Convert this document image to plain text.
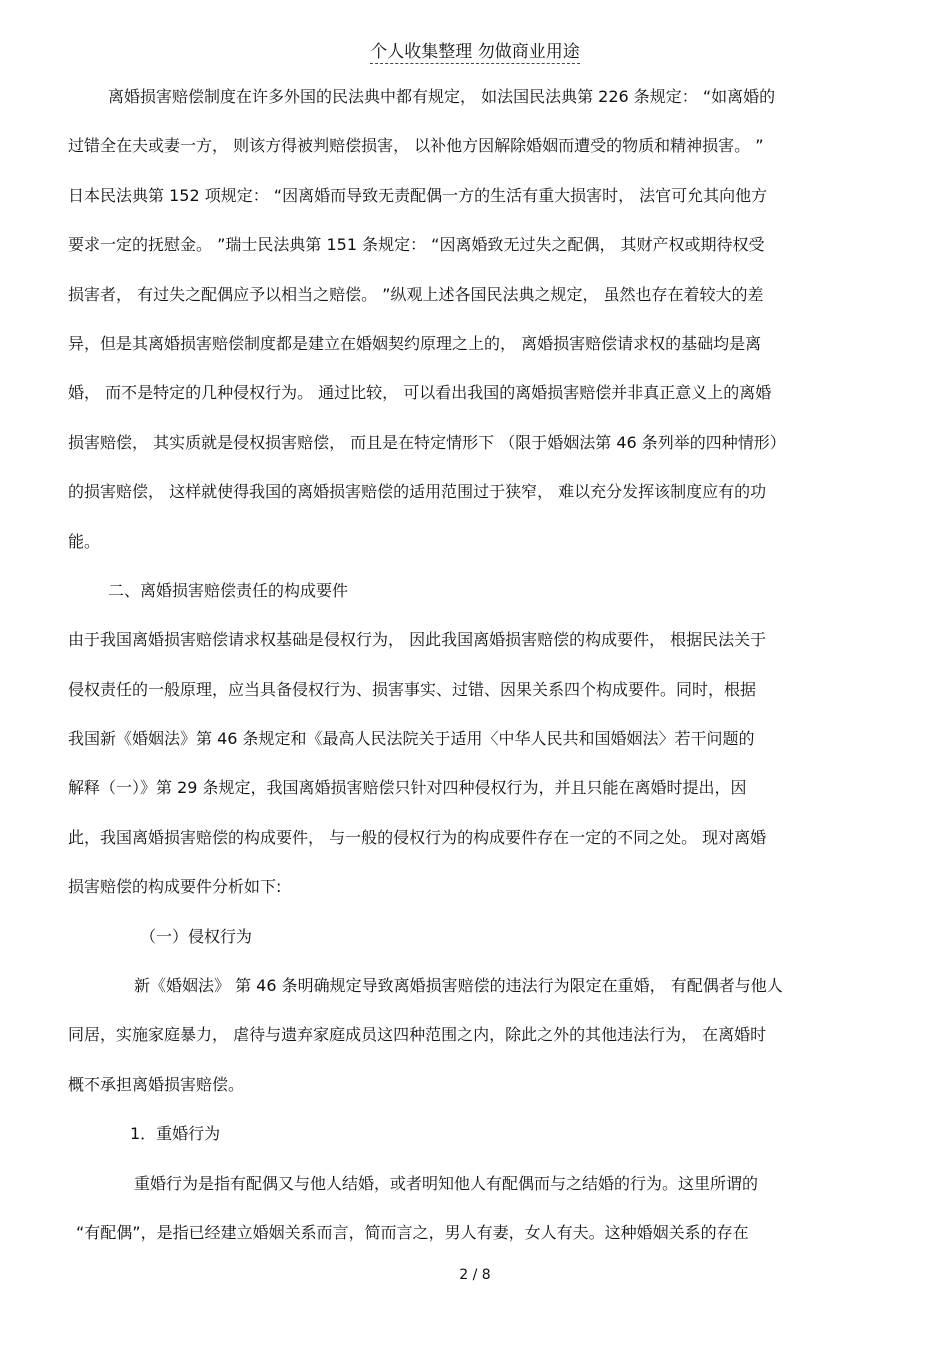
个人收集整理 勿做商业用途
离婚损害赔偿制度在许多外国的民法典中都有规定， 如法国民法典第 226 条规定： “如离婚的
过错全在夫或妻一方， 则该方得被判赔偿损害， 以补他方因解除婚姻而遭受的物质和精神损害。 ”
日本民法典第 152 项规定： “因离婚而导致无责配偶一方的生活有重大损害时， 法官可允其向他方
要求一定的抚慰金。 ”瑞士民法典第 151 条规定： “因离婚致无过失之配偶， 其财产权或期待权受
损害者， 有过失之配偶应予以相当之赔偿。 ”纵观上述各国民法典之规定， 虽然也存在着较大的差
异，但是其离婚损害赔偿制度都是建立在婚姻契约原理之上的， 离婚损害赔偿请求权的基础均是离
婚， 而不是特定的几种侵权行为。 通过比较， 可以看出我国的离婚损害赔偿并非真正意义上的离婚
损害赔偿， 其实质就是侵权损害赔偿， 而且是在特定情形下 （限于婚姻法第 46 条列举的四种情形）
的损害赔偿， 这样就使得我国的离婚损害赔偿的适用范围过于狭窄， 难以充分发挥该制度应有的功
能。
二、离婚损害赔偿责任的构成要件
由于我国离婚损害赔偿请求权基础是侵权行为， 因此我国离婚损害赔偿的构成要件， 根据民法关于
侵权责任的一般原理，应当具备侵权行为、损害事实、过错、因果关系四个构成要件。同时，根据
我国新《婚姻法》第 46 条规定和《最高人民法院关于适用〈中华人民共和国婚姻法〉若干问题的
解释（一）》第 29 条规定，我国离婚损害赔偿只针对四种侵权行为，并且只能在离婚时提出，因
此，我国离婚损害赔偿的构成要件， 与一般的侵权行为的构成要件存在一定的不同之处。 现对离婚
损害赔偿的构成要件分析如下:
（一）侵权行为
新《婚姻法》 第 46 条明确规定导致离婚损害赔偿的违法行为限定在重婚， 有配偶者与他人
同居，实施家庭暴力， 虐待与遗弃家庭成员这四种范围之内，除此之外的其他违法行为， 在离婚时
概不承担离婚损害赔偿。
1．重婚行为
重婚行为是指有配偶又与他人结婚，或者明知他人有配偶而与之结婚的行为。这里所谓的
“有配偶”，是指已经建立婚姻关系而言，简而言之，男人有妻，女人有夫。这种婚姻关系的存在
2 / 8
